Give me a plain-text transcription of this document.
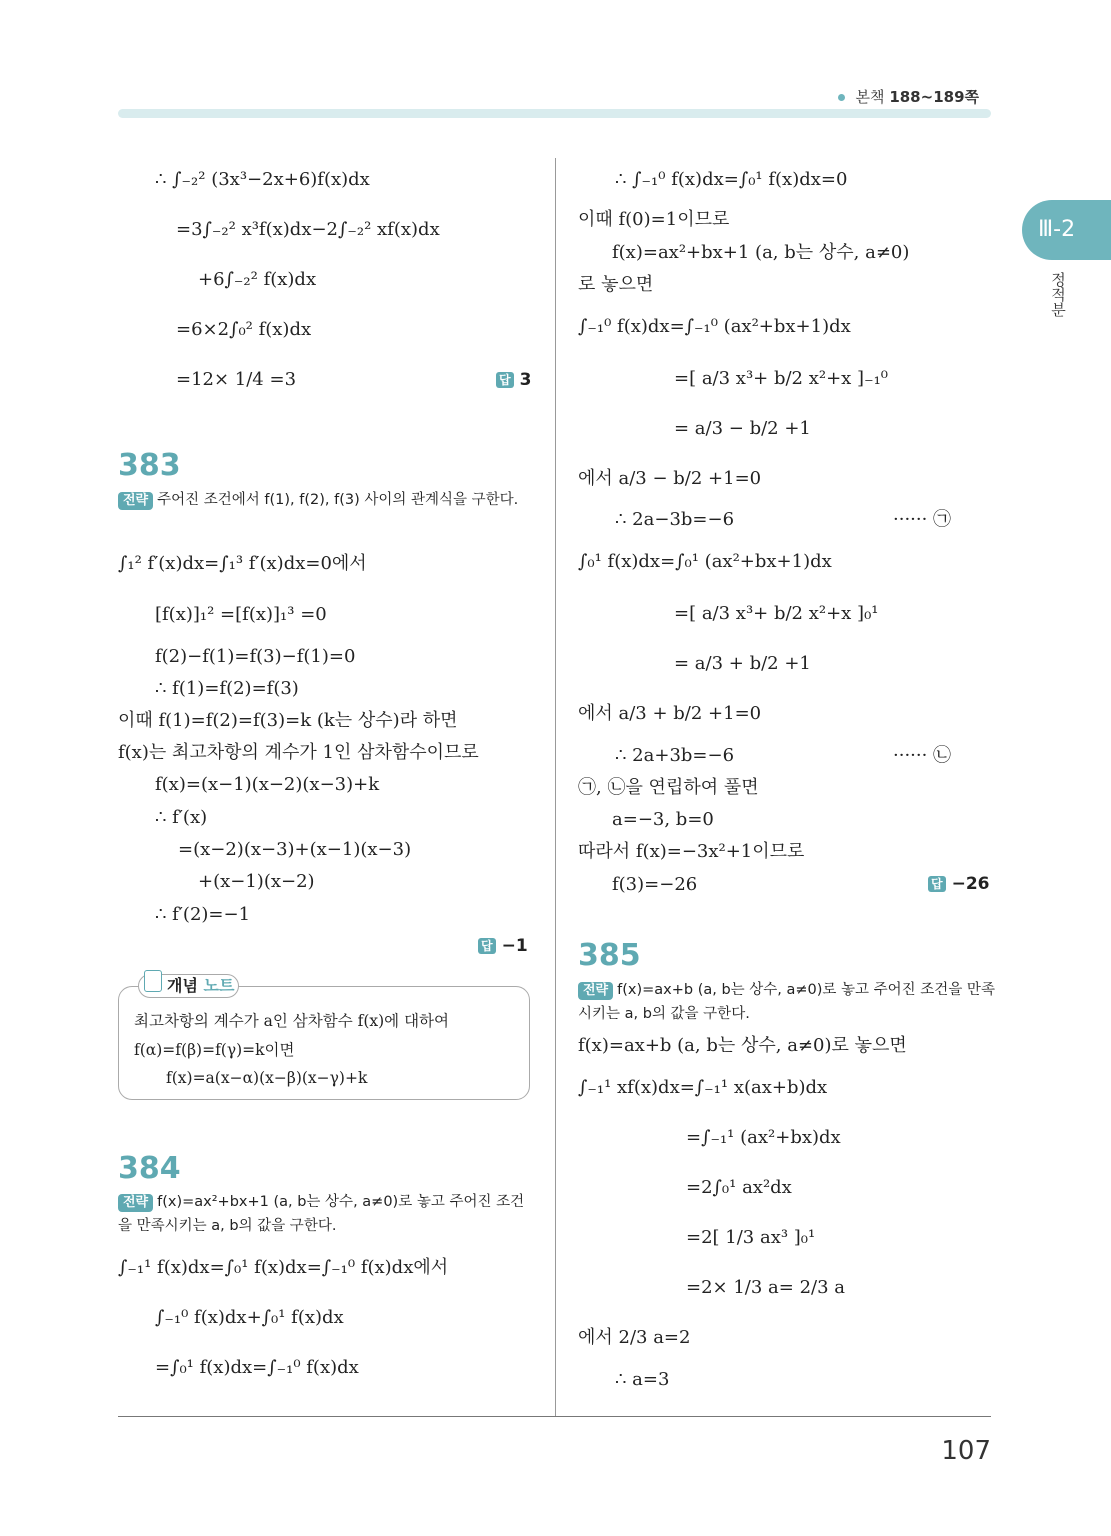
본책 188~189쪽
Ⅲ-2
정적분
∴ ∫₋₂² (3x³−2x+6)f(x)dx
=3∫₋₂² x³f(x)dx−2∫₋₂² xf(x)dx
+6∫₋₂² f(x)dx
=6×2∫₀² f(x)dx
=12× 1/4 =3	답 3
383
전략 주어진 조건에서 f(1), f(2), f(3) 사이의 관계식을 구한다.
∫₁² f′(x)dx=∫₁³ f′(x)dx=0에서
[f(x)]₁² =[f(x)]₁³ =0
f(2)−f(1)=f(3)−f(1)=0
∴ f(1)=f(2)=f(3)
이때 f(1)=f(2)=f(3)=k (k는 상수)라 하면
f(x)는 최고차항의 계수가 1인 삼차함수이므로
f(x)=(x−1)(x−2)(x−3)+k
∴ f′(x)
=(x−2)(x−3)+(x−1)(x−3)
+(x−1)(x−2)
∴ f′(2)=−1
답 −1
개념 노트
최고차항의 계수가 a인 삼차함수 f(x)에 대하여
f(α)=f(β)=f(γ)=k이면
f(x)=a(x−α)(x−β)(x−γ)+k
384
전략 f(x)=ax²+bx+1 (a, b는 상수, a≠0)로 놓고 주어진 조건을 만족시키는 a, b의 값을 구한다.
∫₋₁¹ f(x)dx=∫₀¹ f(x)dx=∫₋₁⁰ f(x)dx에서
∫₋₁⁰ f(x)dx+∫₀¹ f(x)dx
=∫₀¹ f(x)dx=∫₋₁⁰ f(x)dx
∴ ∫₋₁⁰ f(x)dx=∫₀¹ f(x)dx=0
이때 f(0)=1이므로
f(x)=ax²+bx+1 (a, b는 상수, a≠0)
로 놓으면
∫₋₁⁰ f(x)dx=∫₋₁⁰ (ax²+bx+1)dx
=[ a/3 x³+ b/2 x²+x ]₋₁⁰
= a/3 − b/2 +1
에서 a/3 − b/2 +1=0
∴ 2a−3b=−6	······ ㉠
∫₀¹ f(x)dx=∫₀¹ (ax²+bx+1)dx
=[ a/3 x³+ b/2 x²+x ]₀¹
= a/3 + b/2 +1
에서 a/3 + b/2 +1=0
∴ 2a+3b=−6	······ ㉡
㉠, ㉡을 연립하여 풀면
a=−3, b=0
따라서 f(x)=−3x²+1이므로
f(3)=−26	답 −26
385
전략 f(x)=ax+b (a, b는 상수, a≠0)로 놓고 주어진 조건을 만족시키는 a, b의 값을 구한다.
f(x)=ax+b (a, b는 상수, a≠0)로 놓으면
∫₋₁¹ xf(x)dx=∫₋₁¹ x(ax+b)dx
=∫₋₁¹ (ax²+bx)dx
=2∫₀¹ ax²dx
=2[ 1/3 ax³ ]₀¹
=2× 1/3 a= 2/3 a
에서 2/3 a=2
∴ a=3
107
